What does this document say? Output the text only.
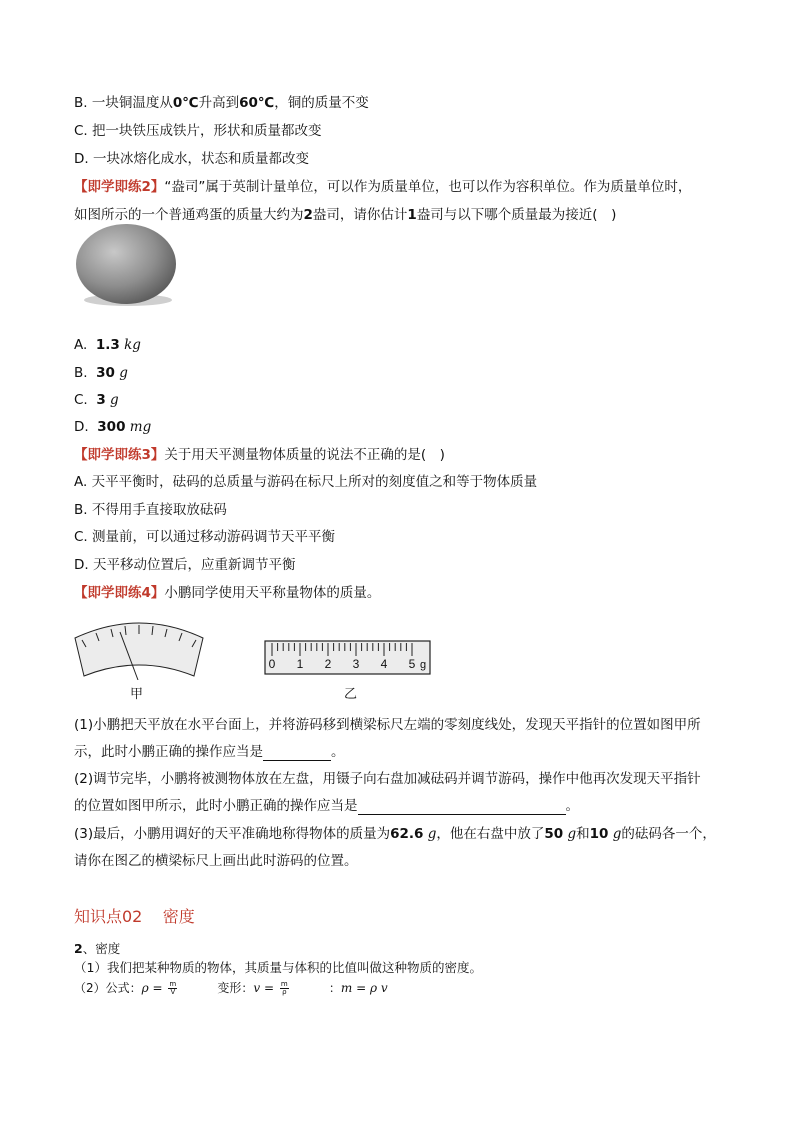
B. 一块铜温度从0℃升高到60℃，铜的质量不变
C. 把一块铁压成铁片，形状和质量都改变
D. 一块冰熔化成水，状态和质量都改变
【即学即练2】“盎司”属于英制计量单位，可以作为质量单位，也可以作为容积单位。作为质量单位时，
如图所示的一个普通鸡蛋的质量大约为2盎司，请你估计1盎司与以下哪个质量最为接近(　)
A. 1.3 kg
B. 30 g
C. 3 g
D. 300 mg
【即学即练3】关于用天平测量物体质量的说法不正确的是(　)
A. 天平平衡时，砝码的总质量与游码在标尺上所对的刻度值之和等于物体质量
B. 不得用手直接取放砝码
C. 测量前，可以通过移动游码调节天平平衡
D. 天平移动位置后，应重新调节平衡
【即学即练4】小鹏同学使用天平称量物体的质量。
甲
0 1 2 3 4 5 g
乙
(1)小鹏把天平放在水平台面上，并将游码移到横梁标尺左端的零刻度线处，发现天平指针的位置如图甲所
示，此时小鹏正确的操作应当是	。
(2)调节完毕，小鹏将被测物体放在左盘，用镊子向右盘加减砝码并调节游码，操作中他再次发现天平指针
的位置如图甲所示，此时小鹏正确的操作应当是	。
(3)最后，小鹏用调好的天平准确地称得物体的质量为62.6 g，他在右盘中放了50 g和10 g的砝码各一个，
请你在图乙的横梁标尺上画出此时游码的位置。
知识点02 密度
2、密度
（1）我们把某种物质的物体，其质量与体积的比值叫做这种物质的密度。
（2）公式：$\rho = \frac{m}{V}$	变形：$v = \frac{m}{\rho}$	：m = ρ v
